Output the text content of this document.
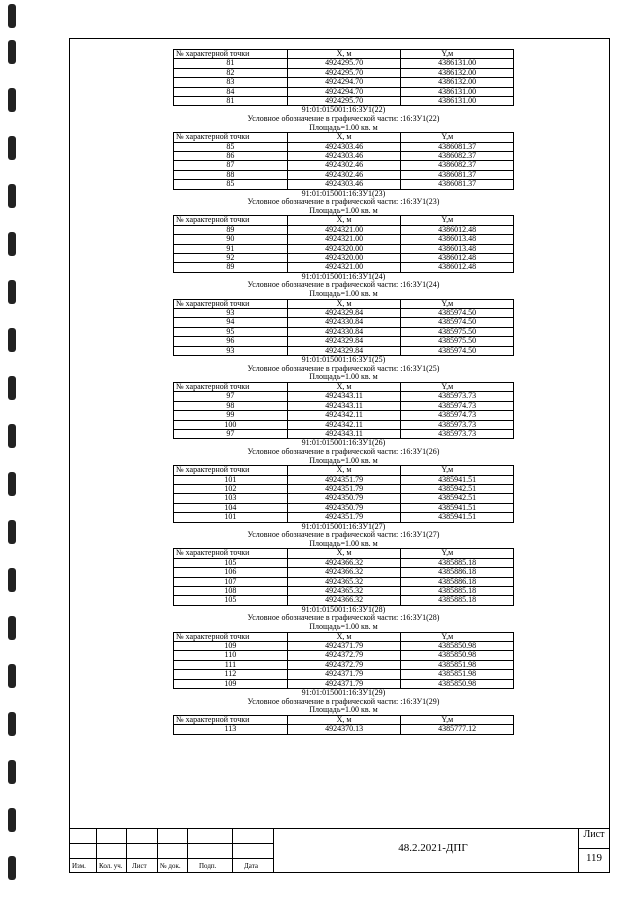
№ характерной точки	X, м	Y,м
81	4924295.70	4386131.00
82	4924295.70	4386132.00
83	4924294.70	4386132.00
84	4924294.70	4386131.00
81	4924295.70	4386131.00
91:01:015001:16:ЗУ1(22)
Условное обозначение в графической части: :16:ЗУ1(22)
Площадь=1.00 кв. м
№ характерной точки	X, м	Y,м
85	4924303.46	4386081.37
86	4924303.46	4386082.37
87	4924302.46	4386082.37
88	4924302.46	4386081.37
85	4924303.46	4386081.37
91:01:015001:16:ЗУ1(23)
Условное обозначение в графической части: :16:ЗУ1(23)
Площадь=1.00 кв. м
№ характерной точки	X, м	Y,м
89	4924321.00	4386012.48
90	4924321.00	4386013.48
91	4924320.00	4386013.48
92	4924320.00	4386012.48
89	4924321.00	4386012.48
91:01:015001:16:ЗУ1(24)
Условное обозначение в графической части: :16:ЗУ1(24)
Площадь=1.00 кв. м
№ характерной точки	X, м	Y,м
93	4924329.84	4385974.50
94	4924330.84	4385974.50
95	4924330.84	4385975.50
96	4924329.84	4385975.50
93	4924329.84	4385974.50
91:01:015001:16:ЗУ1(25)
Условное обозначение в графической части: :16:ЗУ1(25)
Площадь=1.00 кв. м
№ характерной точки	X, м	Y,м
97	4924343.11	4385973.73
98	4924343.11	4385974.73
99	4924342.11	4385974.73
100	4924342.11	4385973.73
97	4924343.11	4385973.73
91:01:015001:16:ЗУ1(26)
Условное обозначение в графической части: :16:ЗУ1(26)
Площадь=1.00 кв. м
№ характерной точки	X, м	Y,м
101	4924351.79	4385941.51
102	4924351.79	4385942.51
103	4924350.79	4385942.51
104	4924350.79	4385941.51
101	4924351.79	4385941.51
91:01:015001:16:ЗУ1(27)
Условное обозначение в графической части: :16:ЗУ1(27)
Площадь=1.00 кв. м
№ характерной точки	X, м	Y,м
105	4924366.32	4385885.18
106	4924366.32	4385886.18
107	4924365.32	4385886.18
108	4924365.32	4385885.18
105	4924366.32	4385885.18
91:01:015001:16:ЗУ1(28)
Условное обозначение в графической части: :16:ЗУ1(28)
Площадь=1.00 кв. м
№ характерной точки	X, м	Y,м
109	4924371.79	4385850.98
110	4924372.79	4385850.98
111	4924372.79	4385851.98
112	4924371.79	4385851.98
109	4924371.79	4385850.98
91:01:015001:16:ЗУ1(29)
Условное обозначение в графической части: :16:ЗУ1(29)
Площадь=1.00 кв. м
№ характерной точки	X, м	Y,м
113	4924370.13	4385777.12
Изм. Кол. уч. Лист № док.	Подп.	Дата
48.2.2021-ДПГ
Лист
119
